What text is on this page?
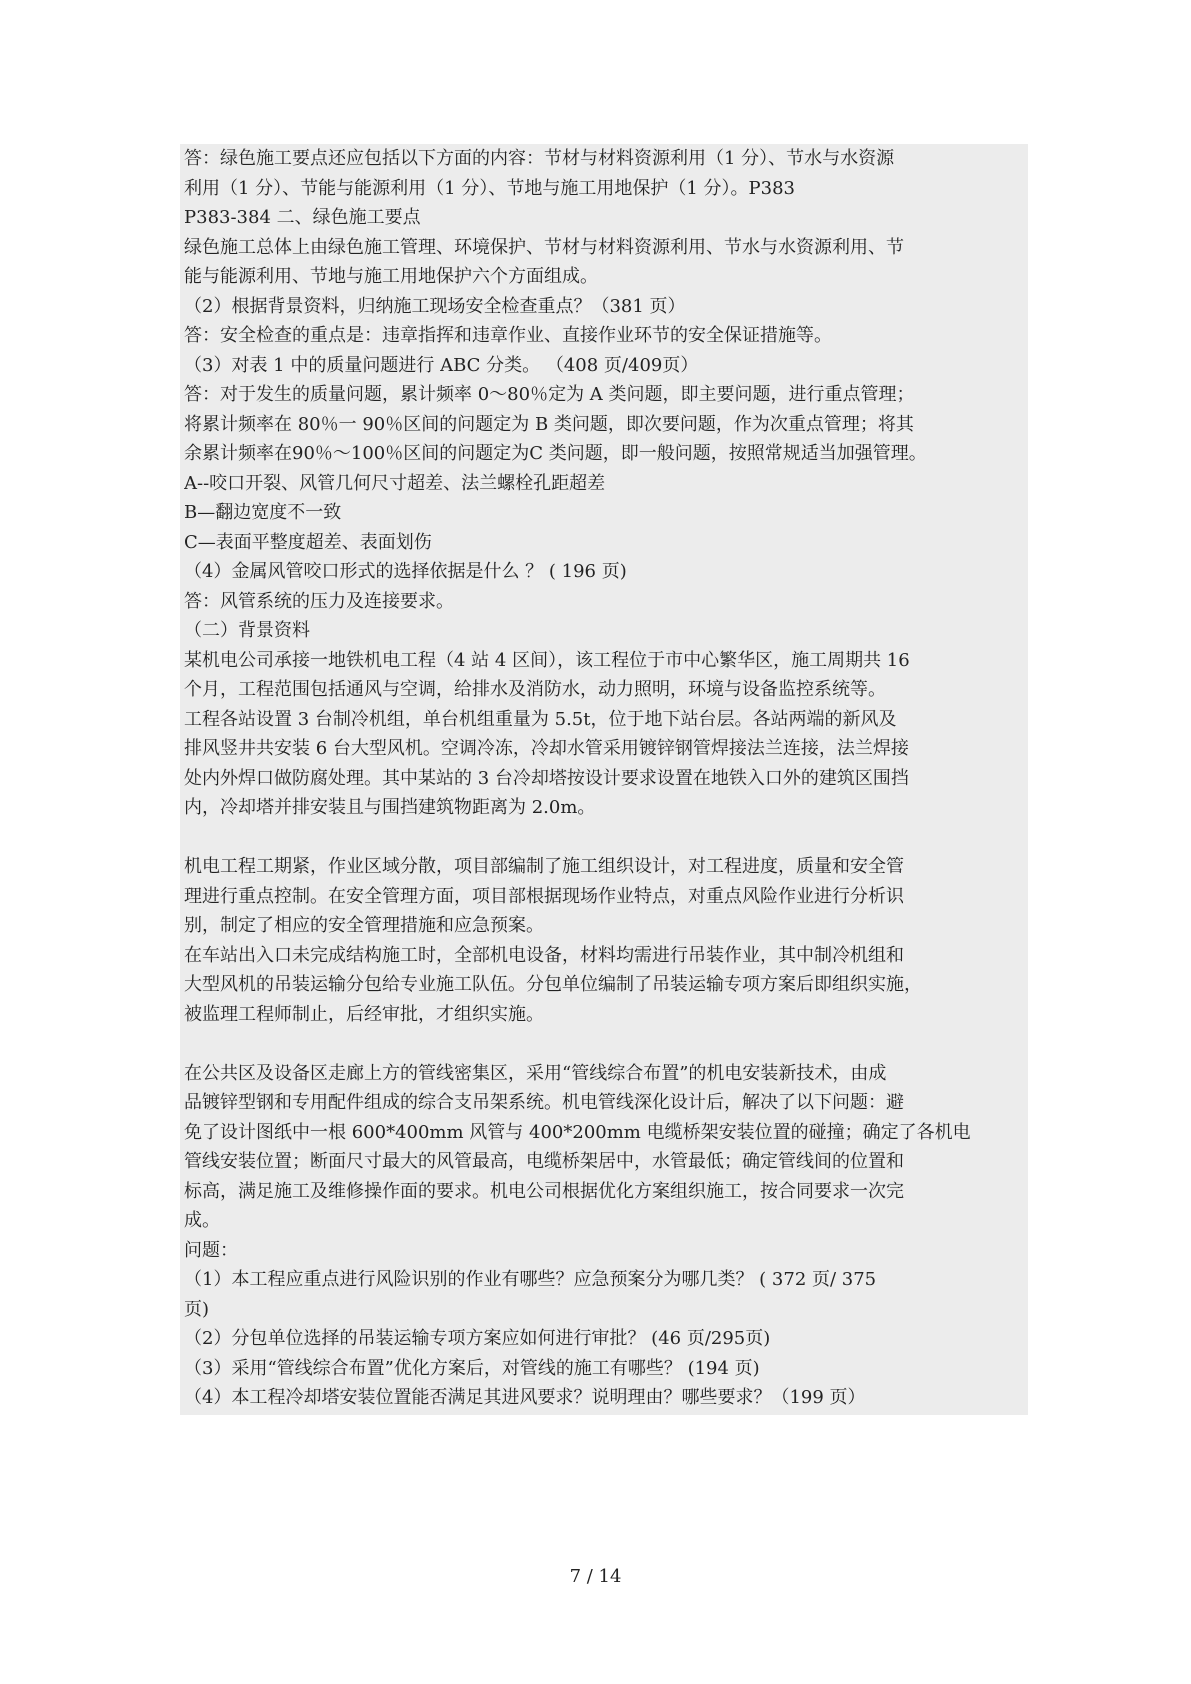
答：绿色施工要点还应包括以下方面的内容：节材与材料资源利用（1 分）、节水与水资源
利用（1 分）、节能与能源利用（1 分）、节地与施工用地保护（1 分）。P383
P383-384 二、绿色施工要点
绿色施工总体上由绿色施工管理、环境保护、节材与材料资源利用、节水与水资源利用、节
能与能源利用、节地与施工用地保护六个方面组成。
（2）根据背景资料，归纳施工现场安全检查重点？（381 页）
答：安全检查的重点是：违章指挥和违章作业、直接作业环节的安全保证措施等。
（3）对表 1 中的质量问题进行 ABC 分类。 （408 页/409页）
答：对于发生的质量问题，累计频率 0～80％定为 A 类问题，即主要问题，进行重点管理；
将累计频率在 80％一 90％区间的问题定为 B 类问题，即次要问题，作为次重点管理；将其
余累计频率在90％～100％区间的问题定为C 类问题，即一般问题，按照常规适当加强管理。
A--咬口开裂、风管几何尺寸超差、法兰螺栓孔距超差
B—翻边宽度不一致
C—表面平整度超差、表面划伤
（4）金属风管咬口形式的选择依据是什么 ？ ( 196 页)
答：风管系统的压力及连接要求。
（二）背景资料
某机电公司承接一地铁机电工程（4 站 4 区间），该工程位于市中心繁华区，施工周期共 16
个月，工程范围包括通风与空调，给排水及消防水，动力照明，环境与设备监控系统等。
工程各站设置 3 台制冷机组，单台机组重量为 5.5t，位于地下站台层。各站两端的新风及
排风竖井共安装 6 台大型风机。空调冷冻，冷却水管采用镀锌钢管焊接法兰连接，法兰焊接
处内外焊口做防腐处理。其中某站的 3 台冷却塔按设计要求设置在地铁入口外的建筑区围挡
内，冷却塔并排安装且与围挡建筑物距离为 2.0m。
机电工程工期紧，作业区域分散，项目部编制了施工组织设计，对工程进度，质量和安全管
理进行重点控制。在安全管理方面，项目部根据现场作业特点，对重点风险作业进行分析识
别，制定了相应的安全管理措施和应急预案。
在车站出入口未完成结构施工时，全部机电设备，材料均需进行吊装作业，其中制冷机组和
大型风机的吊装运输分包给专业施工队伍。分包单位编制了吊装运输专项方案后即组织实施，
被监理工程师制止，后经审批，才组织实施。
在公共区及设备区走廊上方的管线密集区，采用“管线综合布置”的机电安装新技术，由成
品镀锌型钢和专用配件组成的综合支吊架系统。机电管线深化设计后，解决了以下问题：避
免了设计图纸中一根 600*400mm 风管与 400*200mm 电缆桥架安装位置的碰撞；确定了各机电
管线安装位置；断面尺寸最大的风管最高，电缆桥架居中，水管最低；确定管线间的位置和
标高，满足施工及维修操作面的要求。机电公司根据优化方案组织施工，按合同要求一次完
成。
问题：
（1）本工程应重点进行风险识别的作业有哪些？应急预案分为哪几类？ ( 372 页/ 375
页)
（2）分包单位选择的吊装运输专项方案应如何进行审批？ (46 页/295页)
（3）采用“管线综合布置”优化方案后，对管线的施工有哪些？ (194 页)
（4）本工程冷却塔安装位置能否满足其进风要求？说明理由？哪些要求？（199 页）
7 / 14
